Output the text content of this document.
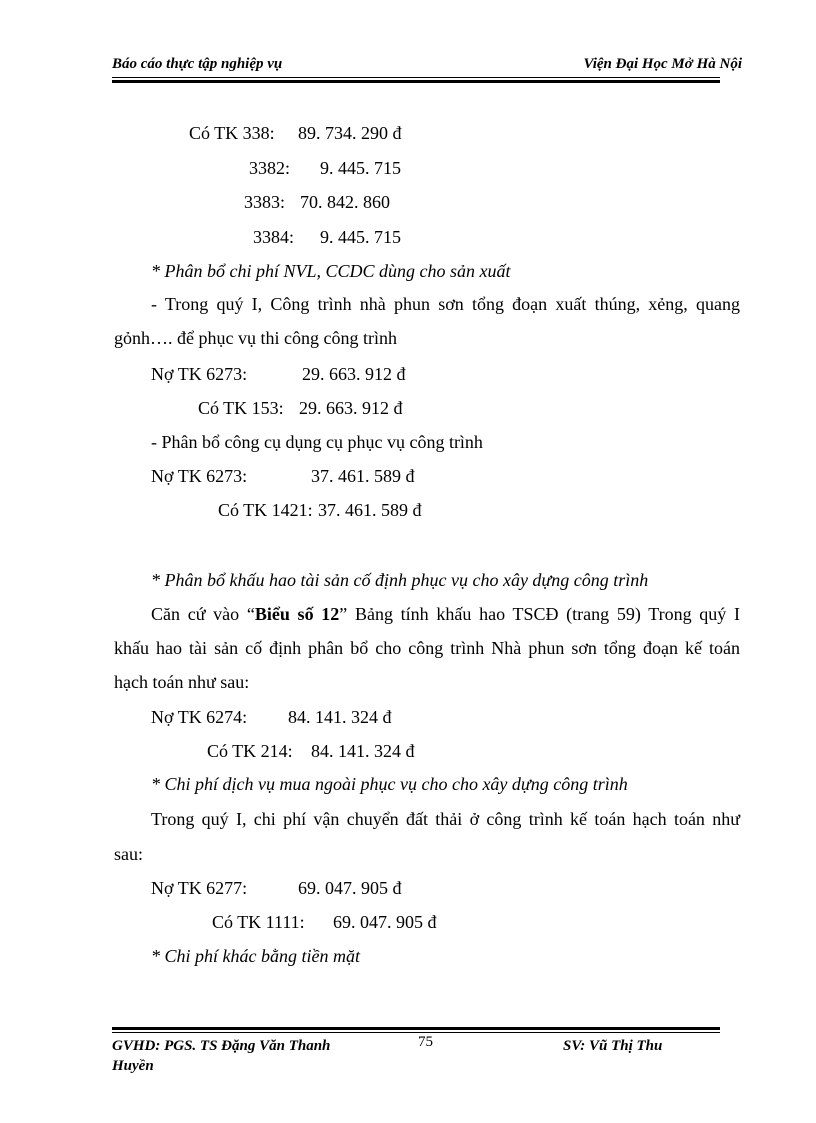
Báo cáo thực tập nghiệp vụ	Viện Đại Học Mở Hà Nội
Có TK 338: 89. 734. 290 đ
3382: 9. 445. 715
3383: 70. 842. 860
3384: 9. 445. 715
* Phân bổ chi phí NVL, CCDC dùng cho sản xuất
- Trong quý I, Công trình nhà phun sơn tổng đoạn xuất thúng, xẻng, quang
gỏnh…. để phục vụ thi công công trình
Nợ TK 6273:	29. 663. 912 đ
Có TK 153: 29. 663. 912 đ
- Phân bổ công cụ dụng cụ phục vụ công trình
Nợ TK 6273:	37. 461. 589 đ
Có TK 1421: 37. 461. 589 đ
* Phân bổ khấu hao tài sản cố định phục vụ cho xây dựng công trình
Căn cứ vào “Biểu số 12” Bảng tính khấu hao TSCĐ (trang 59) Trong quý I
khấu hao tài sản cố định phân bổ cho công trình Nhà phun sơn tổng đoạn kế toán
hạch toán như sau:
Nợ TK 6274: 84. 141. 324 đ
Có TK 214: 84. 141. 324 đ
* Chi phí dịch vụ mua ngoài phục vụ cho cho xây dựng công trình
Trong quý I, chi phí vận chuyển đất thải ở công trình kế toán hạch toán như
sau:
Nợ TK 6277:	69. 047. 905 đ
Có TK 1111: 69. 047. 905 đ
* Chi phí khác bằng tiền mặt
GVHD: PGS. TS Đặng Văn Thanh
Huyền
75	SV: Vũ Thị Thu
